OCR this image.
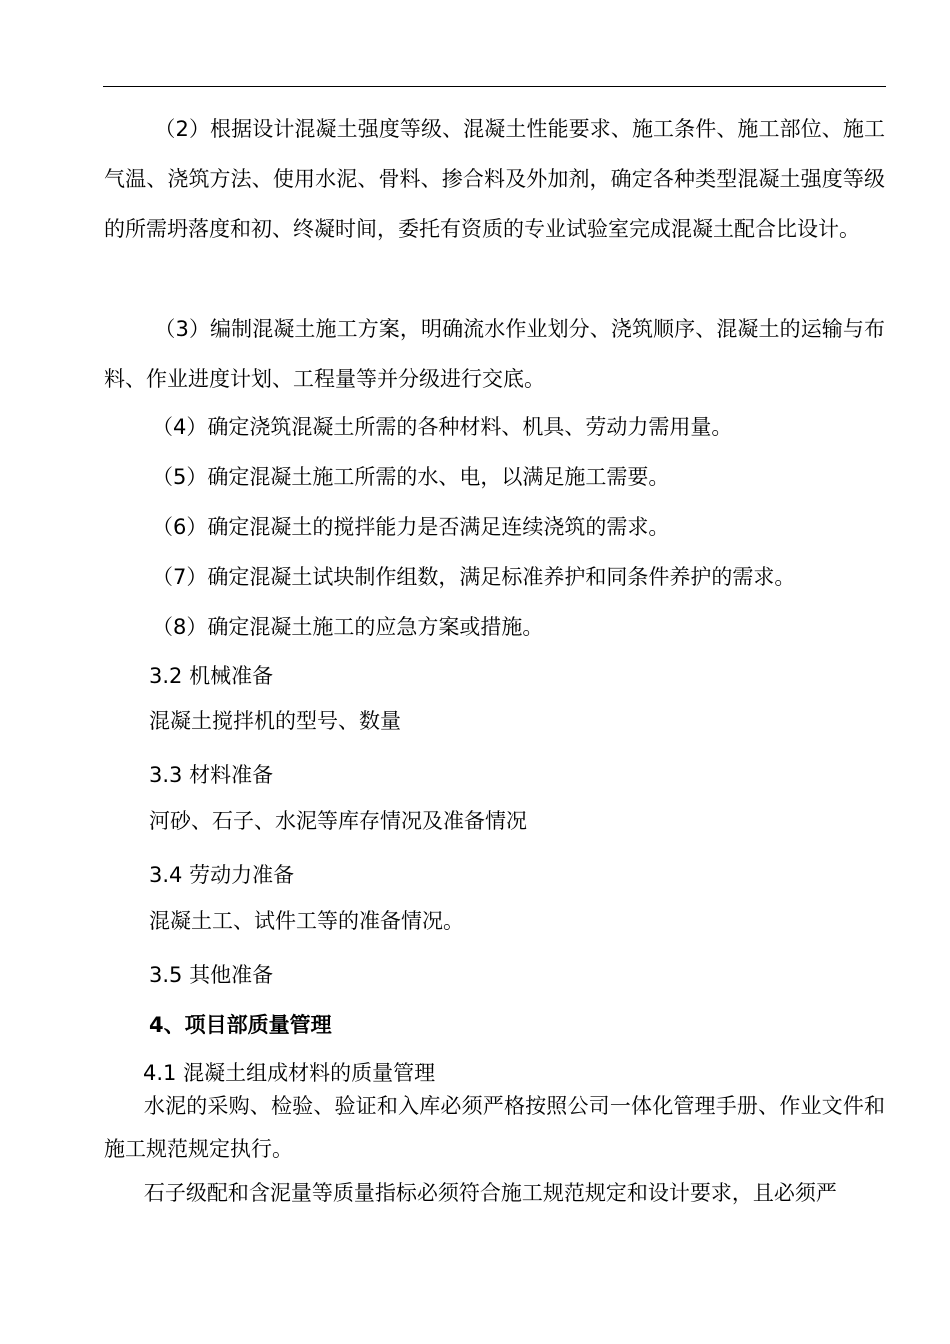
（2）根据设计混凝土强度等级、混凝土性能要求、施工条件、施工部位、施工气温、浇筑方法、使用水泥、骨料、掺合料及外加剂，确定各种类型混凝土强度等级的所需坍落度和初、终凝时间，委托有资质的专业试验室完成混凝土配合比设计。
（3）编制混凝土施工方案，明确流水作业划分、浇筑顺序、混凝土的运输与布料、作业进度计划、工程量等并分级进行交底。
（4）确定浇筑混凝土所需的各种材料、机具、劳动力需用量。
（5）确定混凝土施工所需的水、电，以满足施工需要。
（6）确定混凝土的搅拌能力是否满足连续浇筑的需求。
（7）确定混凝土试块制作组数，满足标准养护和同条件养护的需求。
（8）确定混凝土施工的应急方案或措施。
3.2 机械准备
混凝土搅拌机的型号、数量
3.3 材料准备
河砂、石子、水泥等库存情况及准备情况
3.4 劳动力准备
混凝土工、试件工等的准备情况。
3.5 其他准备
4、项目部质量管理
4.1 混凝土组成材料的质量管理
水泥的采购、检验、验证和入库必须严格按照公司一体化管理手册、作业文件和施工规范规定执行。
石子级配和含泥量等质量指标必须符合施工规范规定和设计要求，且必须严
